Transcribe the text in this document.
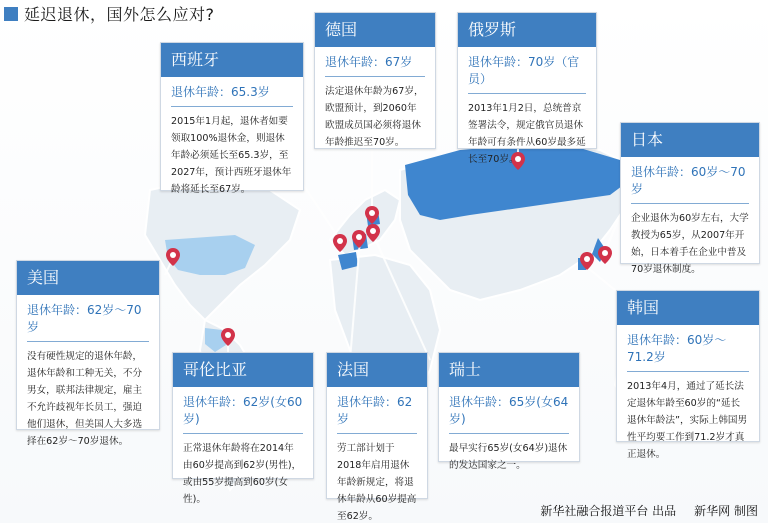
延迟退休，国外怎么应对?
西班牙
退休年龄：65.3岁
2015年1月起，退休者如要领取100%退休金，则退休年龄必须延长至65.3岁，至2027年，预计西班牙退休年龄将延长至67岁。
德国
退休年龄：67岁
法定退休年龄为67岁，欧盟预计，到2060年欧盟成员国必须将退休年龄推迟至70岁。
俄罗斯
退休年龄：70岁（官员）
2013年1月2日，总统普京签署法令，规定俄官员退休年龄可有条件从60岁最多延长至70岁。
日本
退休年龄：60岁～70岁
企业退休为60岁左右，大学教授为65岁，从2007年开始，日本着手在企业中普及70岁退休制度。
美国
退休年龄：62岁～70岁
没有硬性规定的退休年龄，退休年龄和工种无关，不分男女，联邦法律规定，雇主不允许歧视年长员工，强迫他们退休，但美国人大多选择在62岁～70岁退休。
哥伦比亚
退休年龄：62岁(女60岁)
正常退休年龄将在2014年由60岁提高到62岁(男性)，或由55岁提高到60岁(女性)。
法国
退休年龄：62岁
劳工部计划于2018年启用退休年龄新规定，将退休年龄从60岁提高至62岁。
瑞士
退休年龄：65岁(女64岁)
最早实行65岁(女64岁)退休的发达国家之一。
韩国
退休年龄：60岁～71.2岁
2013年4月，通过了延长法定退休年龄至60岁的“延长退休年龄法”，实际上韩国男性平均要工作到71.2岁才真正退休。
新华社融合报道平台 出品 新华网 制图
